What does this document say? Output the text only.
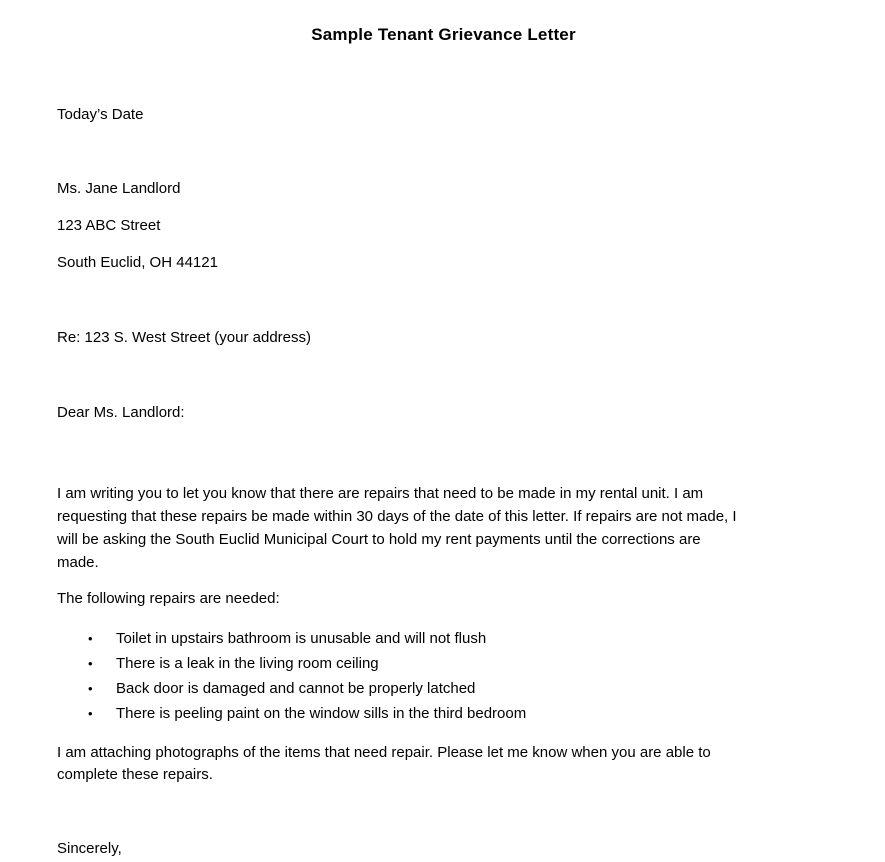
Sample Tenant Grievance Letter

Today’s Date

Ms. Jane Landlord

123 ABC Street

South Euclid, OH 44121

Re: 123 S. West Street (your address)

Dear Ms. Landlord:

I am writing you to let you know that there are repairs that need to be made in my rental unit. I am

requesting that these repairs be made within 30 days of the date of this letter. If repairs are not made, I

will be asking the South Euclid Municipal Court to hold my rent payments until the corrections are

made.

The following repairs are needed:

•	Toilet in upstairs bathroom is unusable and will not flush
•	There is a leak in the living room ceiling
•	Back door is damaged and cannot be properly latched
•	There is peeling paint on the window sills in the third bedroom

I am attaching photographs of the items that need repair. Please let me know when you are able to

complete these repairs.

Sincerely,
